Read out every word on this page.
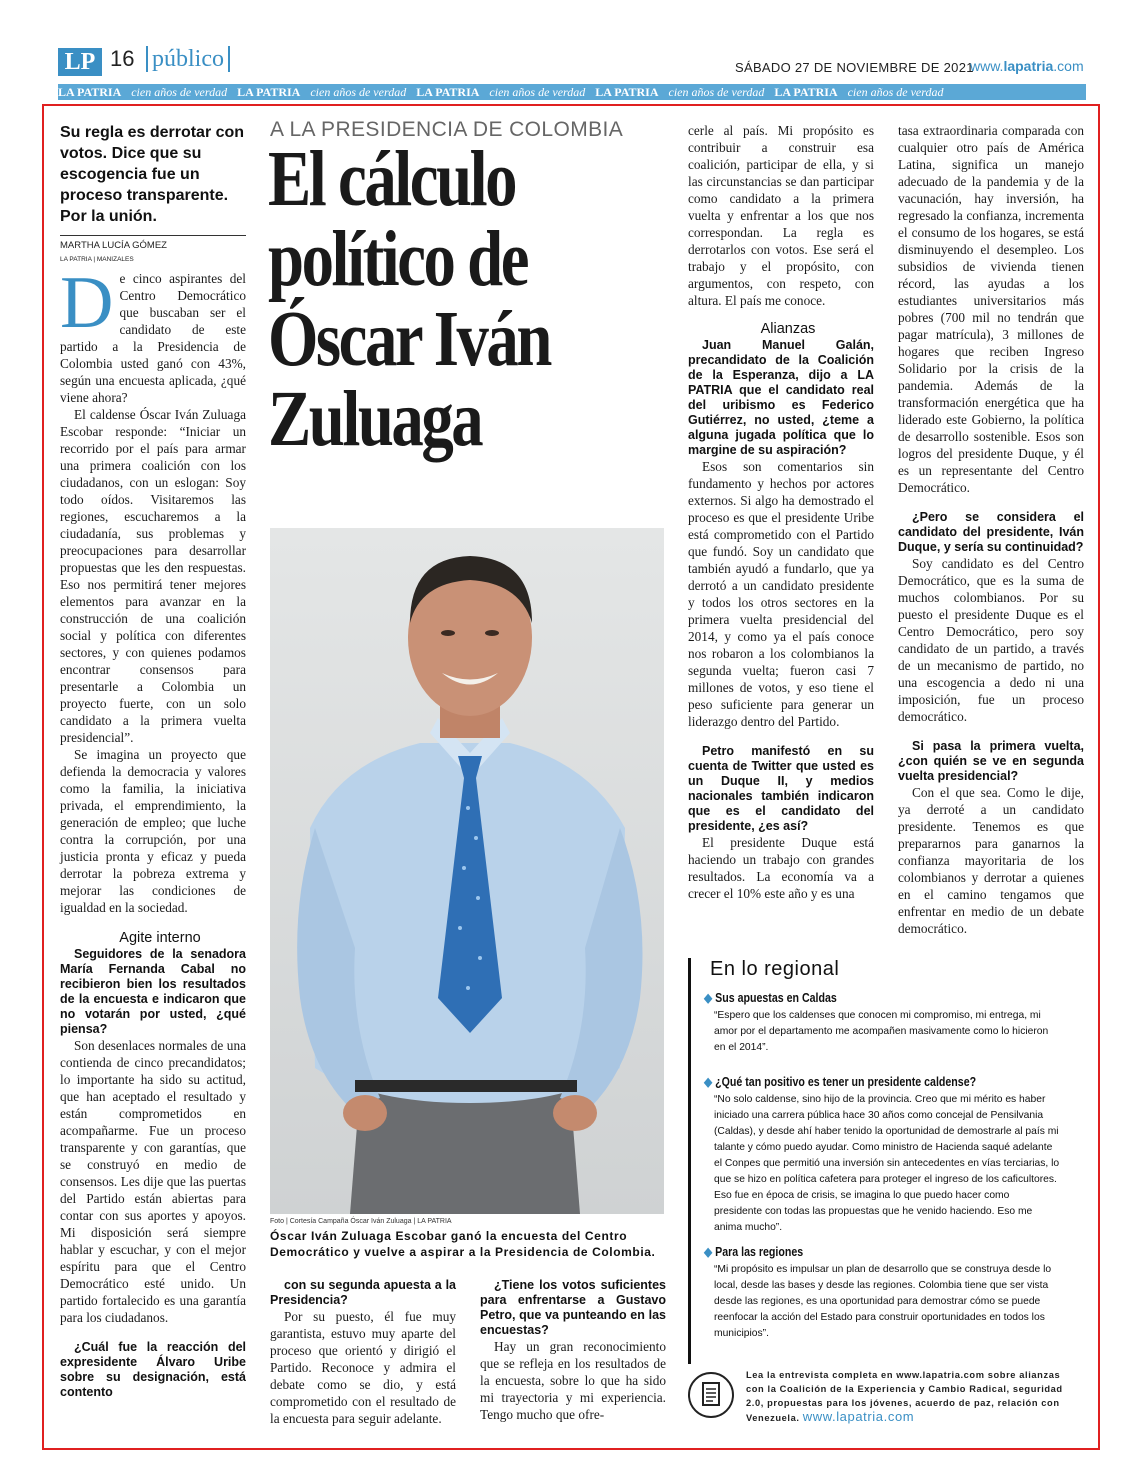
LP 16 público	SÁBADO 27 DE NOVIEMBRE DE 2021
www.lapatria.com
LA PATRIA cien años de verdad LA PATRIA cien años de verdad LA PATRIA cien años de verdad LA PATRIA cien años de verdad LA PATRIA cien años de verdad
Su regla es derrotar con votos. Dice que su escogencia fue un proceso transparente. Por la unión.
MARTHA LUCÍA GÓMEZ
LA PATRIA | MANIZALES
D e cinco aspirantes del Centro Democrático que buscaban ser el candidato de este partido a la Presidencia de Colombia usted ganó con 43%, según una encuesta aplicada, ¿qué viene ahora?

El caldense Óscar Iván Zuluaga Escobar responde: “Iniciar un recorrido por el país para armar una primera coalición con los ciudadanos, con un eslogan: Soy todo oídos. Visitaremos las regiones, escucharemos a la ciudadanía, sus problemas y preocupaciones para desarrollar propuestas que les den respuestas. Eso nos permitirá tener mejores elementos para avanzar en la construcción de una coalición social y política con diferentes sectores, y con quienes podamos encontrar consensos para presentarle a Colombia un proyecto fuerte, con un solo candidato a la primera vuelta presidencial”.

Se imagina un proyecto que defienda la democracia y valores como la familia, la iniciativa privada, el emprendimiento, la generación de empleo; que luche contra la corrupción, por una justicia pronta y eficaz y pueda derrotar la pobreza extrema y mejorar las condiciones de igualdad en la sociedad.

Agite interno

Seguidores de la senadora María Fernanda Cabal no recibieron bien los resultados de la encuesta e indicaron que no votarán por usted, ¿qué piensa?

Son desenlaces normales de una contienda de cinco precandidatos; lo importante ha sido su actitud, que han aceptado el resultado y están comprometidos en acompañarme. Fue un proceso transparente y con garantías, que se construyó en medio de consensos. Les dije que las puertas del Partido están abiertas para contar con sus aportes y apoyos. Mi disposición será siempre hablar y escuchar, y con el mejor espíritu para que el Centro Democrático esté unido. Un partido fortalecido es una garantía para los ciudadanos.

¿Cuál fue la reacción del expresidente Álvaro Uribe sobre su designación, está contento

A LA PRESIDENCIA DE COLOMBIA
El cálculo político de Óscar Iván Zuluaga
Foto | Cortesía Campaña Óscar Iván Zuluaga | LA PATRIA
Óscar Iván Zuluaga Escobar ganó la encuesta del Centro Democrático y vuelve a aspirar a la Presidencia de Colombia.

con su segunda apuesta a la Presidencia?

Por su puesto, él fue muy garantista, estuvo muy aparte del proceso que orientó y dirigió el Partido. Reconoce y admira el debate como se dio, y está comprometido con el resultado de la encuesta para seguir adelante.

¿Tiene los votos suficientes para enfrentarse a Gustavo Petro, que va punteando en las encuestas?

Hay un gran reconocimiento que se refleja en los resultados de la encuesta, sobre lo que ha sido mi trayectoria y mi experiencia. Tengo mucho que ofre-

cerle al país. Mi propósito es contribuir a construir esa coalición, participar de ella, y si las circunstancias se dan participar como candidato a la primera vuelta y enfrentar a los que nos correspondan. La regla es derrotarlos con votos. Ese será el trabajo y el propósito, con argumentos, con respeto, con altura. El país me conoce.

Alianzas

Juan Manuel Galán, precandidato de la Coalición de la Esperanza, dijo a LA PATRIA que el candidato real del uribismo es Federico Gutiérrez, no usted, ¿teme a alguna jugada política que lo margine de su aspiración?

Esos son comentarios sin fundamento y hechos por actores externos. Si algo ha demostrado el proceso es que el presidente Uribe está comprometido con el Partido que fundó. Soy un candidato que también ayudó a fundarlo, que ya derrotó a un candidato presidente y todos los otros sectores en la primera vuelta presidencial del 2014, y como ya el país conoce nos robaron a los colombianos la segunda vuelta; fueron casi 7 millones de votos, y eso tiene el peso suficiente para generar un liderazgo dentro del Partido.

Petro manifestó en su cuenta de Twitter que usted es un Duque II, y medios nacionales también indicaron que es el candidato del presidente, ¿es así?

El presidente Duque está haciendo un trabajo con grandes resultados. La economía va a crecer el 10% este año y es una

tasa extraordinaria comparada con cualquier otro país de América Latina, significa un manejo adecuado de la pandemia y de la vacunación, hay inversión, ha regresado la confianza, incrementa el consumo de los hogares, se está disminuyendo el desempleo. Los subsidios de vivienda tienen récord, las ayudas a los estudiantes universitarios más pobres (700 mil no tendrán que pagar matrícula), 3 millones de hogares que reciben Ingreso Solidario por la crisis de la pandemia. Además de la transformación energética que ha liderado este Gobierno, la política de desarrollo sostenible. Esos son logros del presidente Duque, y él es un representante del Centro Democrático.

¿Pero se considera el candidato del presidente, Iván Duque, y sería su continuidad?

Soy candidato es del Centro Democrático, que es la suma de muchos colombianos. Por su puesto el presidente Duque es el Centro Democrático, pero soy candidato de un partido, a través de un mecanismo de partido, no una escogencia a dedo ni una imposición, fue un proceso democrático.

Si pasa la primera vuelta, ¿con quién se ve en segunda vuelta presidencial?

Con el que sea. Como le dije, ya derroté a un candidato presidente. Tenemos es que prepararnos para ganarnos la confianza mayoritaria de los colombianos y derrotar a quienes en el camino tengamos que enfrentar en medio de un debate democrático.

En lo regional
◆ Sus apuestas en Caldas
“Espero que los caldenses que conocen mi compromiso, mi entrega, mi amor por el departamento me acompañen masivamente como lo hicieron en el 2014”.
◆ ¿Qué tan positivo es tener un presidente caldense?
“No solo caldense, sino hijo de la provincia. Creo que mi mérito es haber iniciado una carrera pública hace 30 años como concejal de Pensilvania (Caldas), y desde ahí haber tenido la oportunidad de demostrarle al país mi talante y cómo puedo ayudar. Como ministro de Hacienda saqué adelante el Conpes que permitió una inversión sin antecedentes en vías terciarias, lo que se hizo en política cafetera para proteger el ingreso de los caficultores. Eso fue en época de crisis, se imagina lo que puedo hacer como presidente con todas las propuestas que he venido haciendo. Eso me anima mucho”.
◆ Para las regiones
“Mi propósito es impulsar un plan de desarrollo que se construya desde lo local, desde las bases y desde las regiones. Colombia tiene que ser vista desde las regiones, es una oportunidad para demostrar cómo se puede reenfocar la acción del Estado para construir oportunidades en todos los municipios”.
Lea la entrevista completa en www.lapatria.com sobre alianzas con la Coalición de la Experiencia y Cambio Radical, seguridad 2.0, propuestas para los jóvenes, acuerdo de paz, relación con Venezuela. www.lapatria.com
